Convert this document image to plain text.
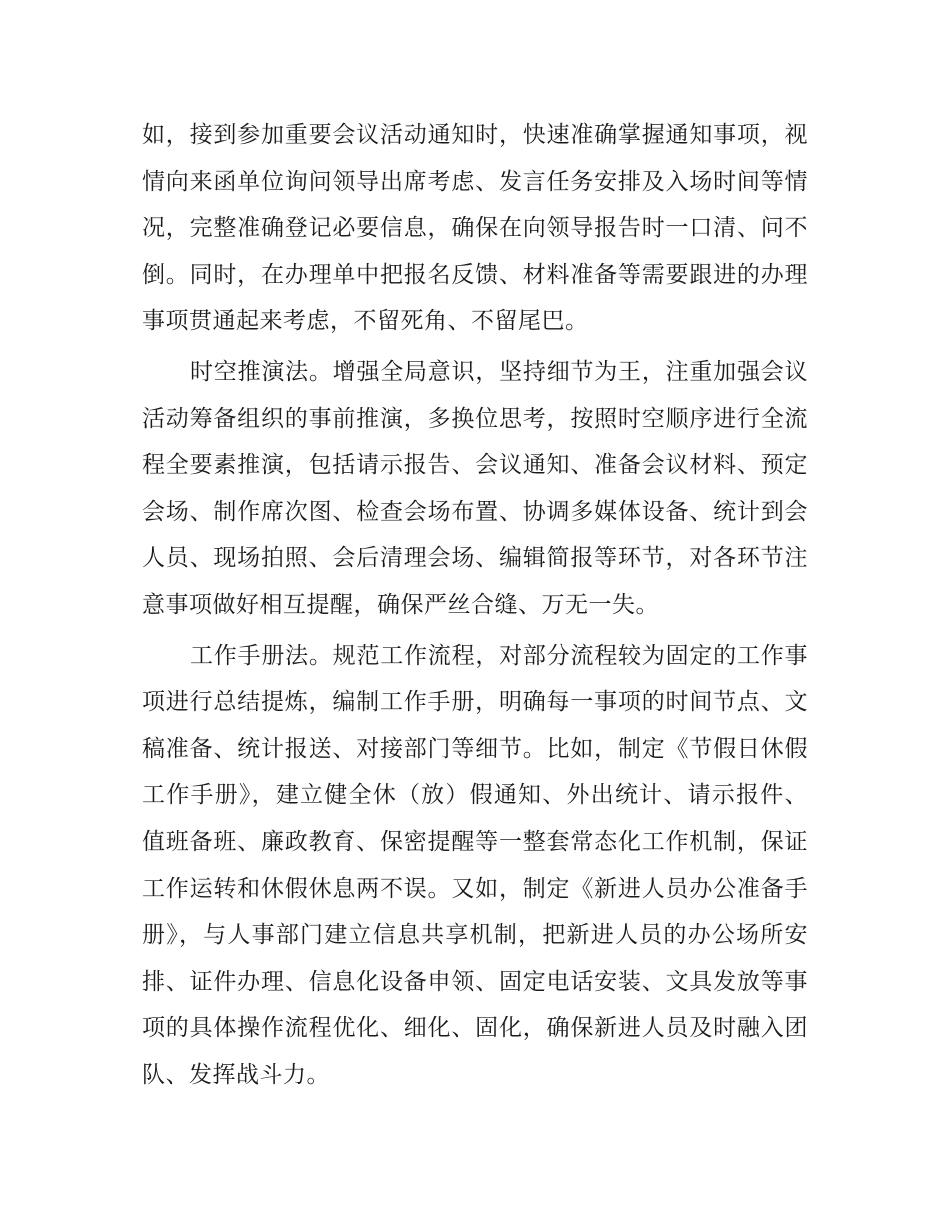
如，接到参加重要会议活动通知时，快速准确掌握通知事项，视情向来函单位询问领导出席考虑、发言任务安排及入场时间等情况，完整准确登记必要信息，确保在向领导报告时一口清、问不倒。同时，在办理单中把报名反馈、材料准备等需要跟进的办理事项贯通起来考虑，不留死角、不留尾巴。

时空推演法。增强全局意识，坚持细节为王，注重加强会议活动筹备组织的事前推演，多换位思考，按照时空顺序进行全流程全要素推演，包括请示报告、会议通知、准备会议材料、预定会场、制作席次图、检查会场布置、协调多媒体设备、统计到会人员、现场拍照、会后清理会场、编辑简报等环节，对各环节注意事项做好相互提醒，确保严丝合缝、万无一失。

工作手册法。规范工作流程，对部分流程较为固定的工作事项进行总结提炼，编制工作手册，明确每一事项的时间节点、文稿准备、统计报送、对接部门等细节。比如，制定《节假日休假工作手册》，建立健全休（放）假通知、外出统计、请示报件、值班备班、廉政教育、保密提醒等一整套常态化工作机制，保证工作运转和休假休息两不误。又如，制定《新进人员办公准备手册》，与人事部门建立信息共享机制，把新进人员的办公场所安排、证件办理、信息化设备申领、固定电话安装、文具发放等事项的具体操作流程优化、细化、固化，确保新进人员及时融入团队、发挥战斗力。
